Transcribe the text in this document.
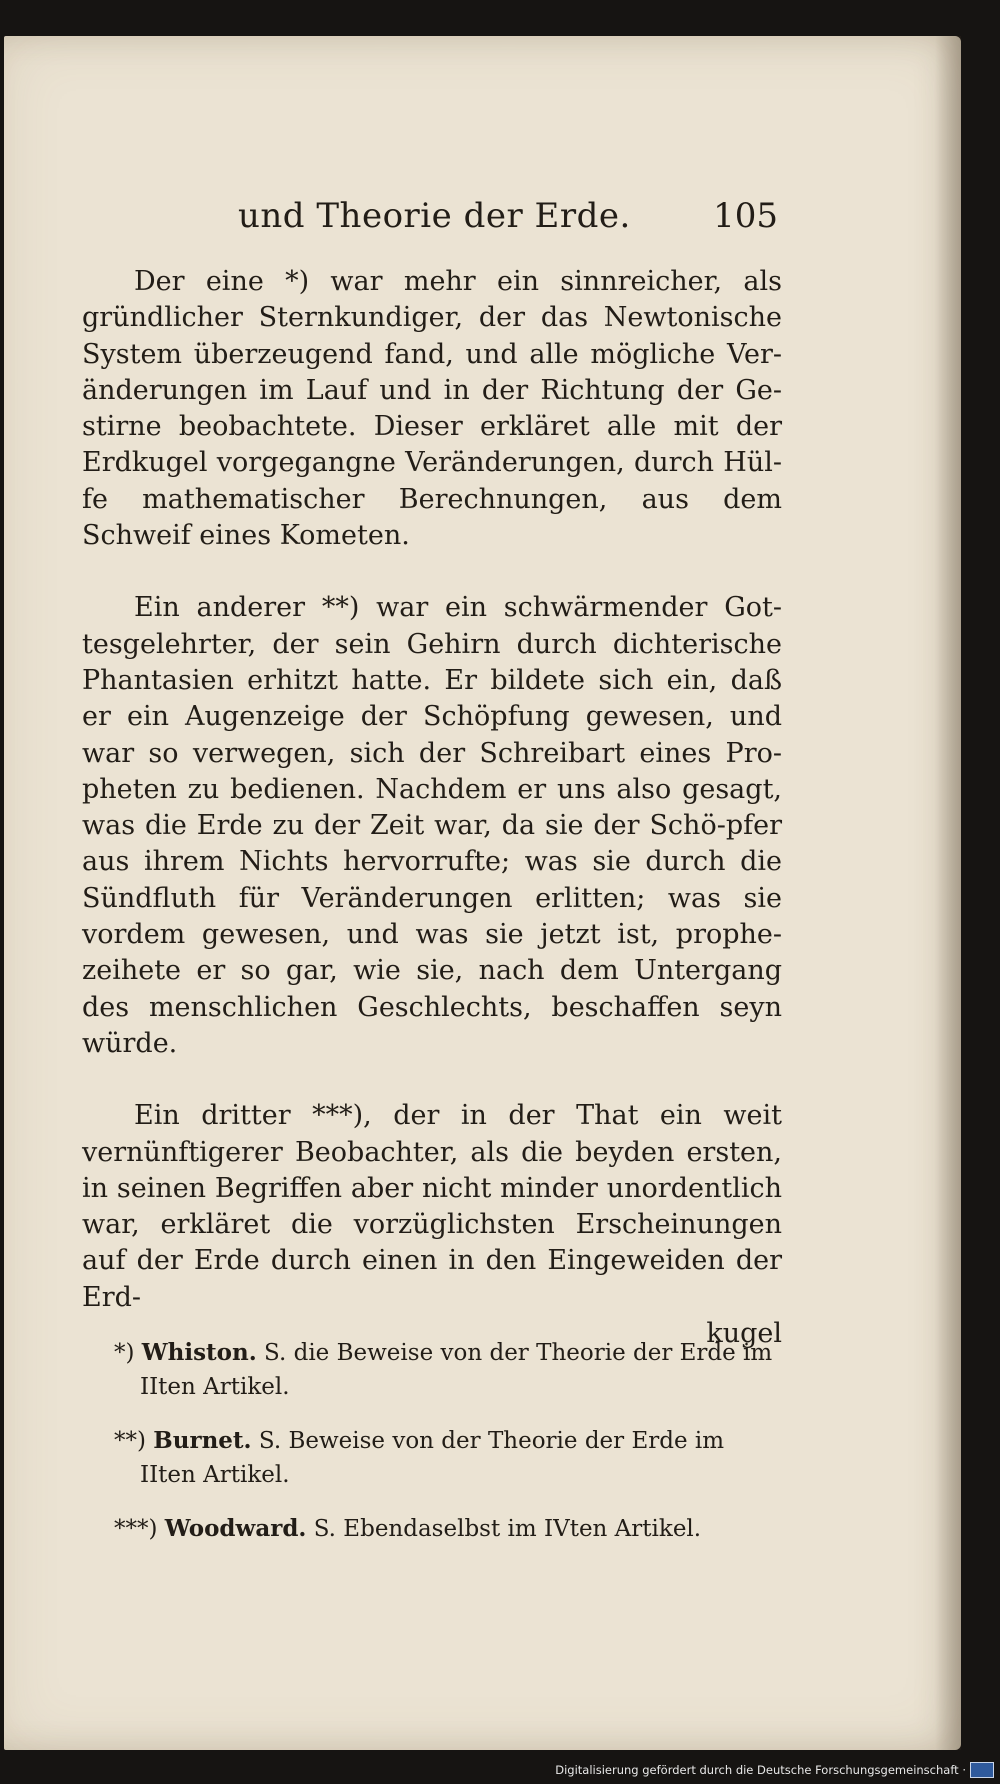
und Theorie der Erde. 105

Der eine *) war mehr ein sinnreicher, als gründlicher Sternkundiger, der das Newtonische System überzeugend fand, und alle mögliche Ver-änderungen im Lauf und in der Richtung der Ge-stirne beobachtete. Dieser erkläret alle mit der Erdkugel vorgegangne Veränderungen, durch Hül-fe mathematischer Berechnungen, aus dem Schweif eines Kometen.

Ein anderer **) war ein schwärmender Got-tesgelehrter, der sein Gehirn durch dichterische Phantasien erhitzt hatte. Er bildete sich ein, daß er ein Augenzeige der Schöpfung gewesen, und war so verwegen, sich der Schreibart eines Pro-pheten zu bedienen. Nachdem er uns also gesagt, was die Erde zu der Zeit war, da sie der Schö-pfer aus ihrem Nichts hervorrufte; was sie durch die Sündfluth für Veränderungen erlitten; was sie vordem gewesen, und was sie jetzt ist, prophe-zeihete er so gar, wie sie, nach dem Untergang des menschlichen Geschlechts, beschaffen seyn würde.

Ein dritter ***), der in der That ein weit vernünftigerer Beobachter, als die beyden ersten, in seinen Begriffen aber nicht minder unordentlich war, erkläret die vorzüglichsten Erscheinungen auf der Erde durch einen in den Eingeweiden der Erd-

kugel

*) Whiston. S. die Beweise von der Theorie der Erde im IIten Artikel.

**) Burnet. S. Beweise von der Theorie der Erde im IIten Artikel.

***) Woodward. S. Ebendaselbst im IVten Artikel.

Digitalisierung gefördert durch die Deutsche Forschungsgemeinschaft ·
